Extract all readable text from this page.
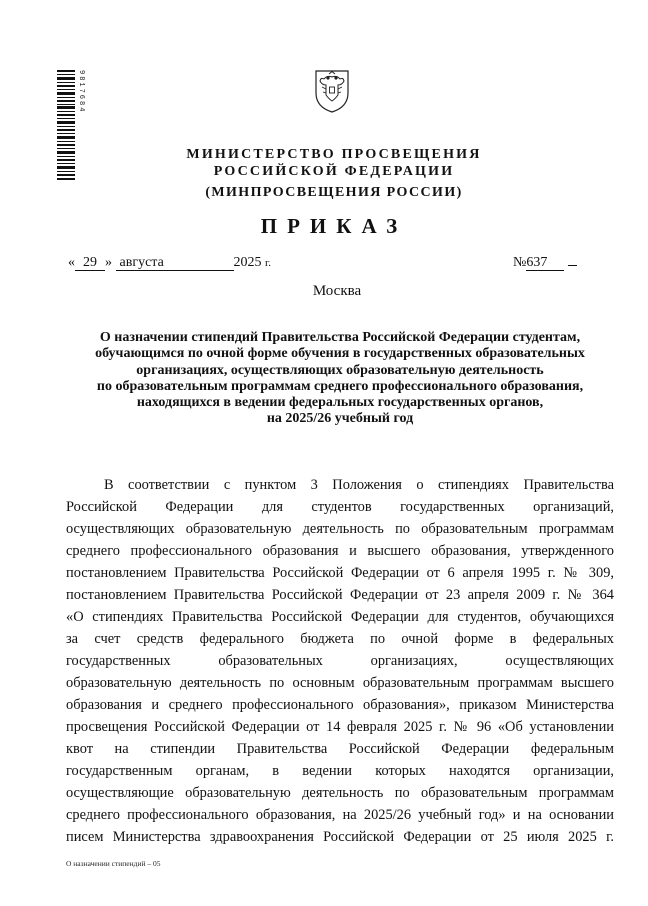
9817684
МИНИСТЕРСТВО ПРОСВЕЩЕНИЯ
РОССИЙСКОЙ ФЕДЕРАЦИИ
(МИНПРОСВЕЩЕНИЯ РОССИИ)
ПРИКАЗ
« 29 » августа	2025 г.	№637
Москва
О назначении стипендий Правительства Российской Федерации студентам,
обучающимся по очной форме обучения в государственных образовательных
организациях, осуществляющих образовательную деятельность
по образовательным программам среднего профессионального образования,
находящихся в ведении федеральных государственных органов,
на 2025/26 учебный год
В соответствии с пунктом 3 Положения о стипендиях Правительства
Российской Федерации для студентов государственных организаций,
осуществляющих образовательную деятельность по образовательным программам
среднего профессионального образования и высшего образования, утвержденного
постановлением Правительства Российской Федерации от 6 апреля 1995 г. № 309,
постановлением Правительства Российской Федерации от 23 апреля 2009 г. № 364
«О стипендиях Правительства Российской Федерации для студентов, обучающихся
за счет средств федерального бюджета по очной форме в федеральных
государственных образовательных организациях, осуществляющих
образовательную деятельность по основным образовательным программам высшего
образования и среднего профессионального образования», приказом Министерства
просвещения Российской Федерации от 14 февраля 2025 г. № 96 «Об установлении
квот на стипендии Правительства Российской Федерации федеральным
государственным органам, в ведении которых находятся организации,
осуществляющие образовательную деятельность по образовательным программам
среднего профессионального образования, на 2025/26 учебный год» и на основании
писем Министерства здравоохранения Российской Федерации от 25 июля 2025 г.
О назначении стипендий – 05
